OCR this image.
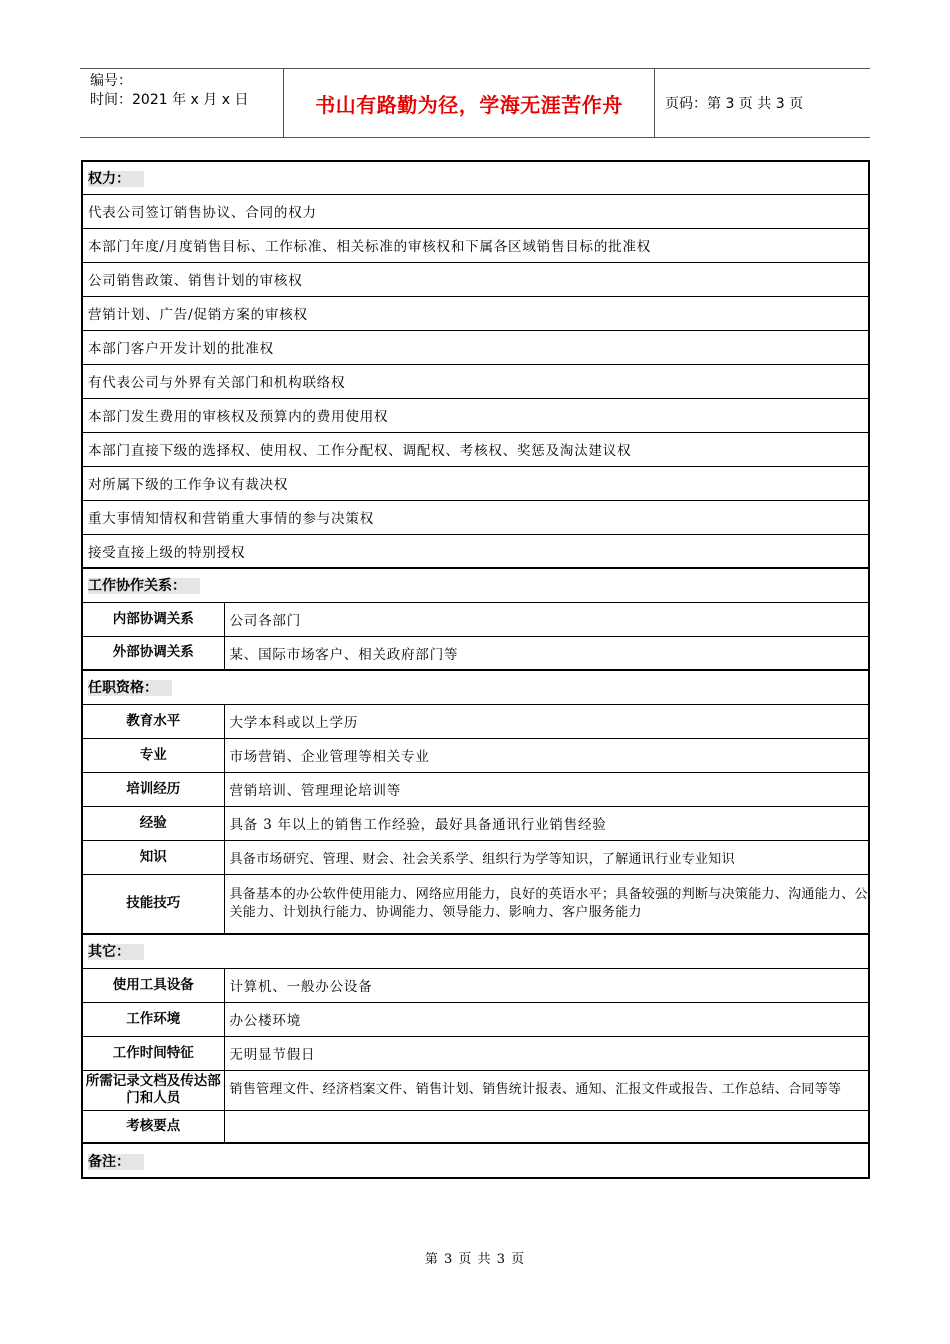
编号：
时间：2021 年 x 月 x 日	书山有路勤为径，学海无涯苦作舟	页码：第 3 页 共 3 页
权力：	
代表公司签订销售协议、合同的权力	
本部门年度/月度销售目标、工作标准、相关标准的审核权和下属各区域销售目标的批准权	
公司销售政策、销售计划的审核权	
营销计划、广告/促销方案的审核权	
本部门客户开发计划的批准权	
有代表公司与外界有关部门和机构联络权	
本部门发生费用的审核权及预算内的费用使用权	
本部门直接下级的选择权、使用权、工作分配权、调配权、考核权、奖惩及淘汰建议权	
对所属下级的工作争议有裁决权	
重大事情知情权和营销重大事情的参与决策权	
接受直接上级的特别授权	
工作协作关系：	
内部协调关系	公司各部门
外部协调关系	某、国际市场客户、相关政府部门等
任职资格：	
教育水平	大学本科或以上学历
专业	市场营销、企业管理等相关专业
培训经历	营销培训、管理理论培训等
经验	具备 3 年以上的销售工作经验，最好具备通讯行业销售经验
知识	具备市场研究、管理、财会、社会关系学、组织行为学等知识，了解通讯行业专业知识
技能技巧	具备基本的办公软件使用能力、网络应用能力，良好的英语水平；具备较强的判断与决策能力、沟通能力、公关能力、计划执行能力、协调能力、领导能力、影响力、客户服务能力
其它：	
使用工具设备	计算机、一般办公设备
工作环境	办公楼环境
工作时间特征	无明显节假日
所需记录文档及传达部门和人员	销售管理文件、经济档案文件、销售计划、销售统计报表、通知、汇报文件或报告、工作总结、合同等等
考核要点	
备注：	
第 3 页 共 3 页
